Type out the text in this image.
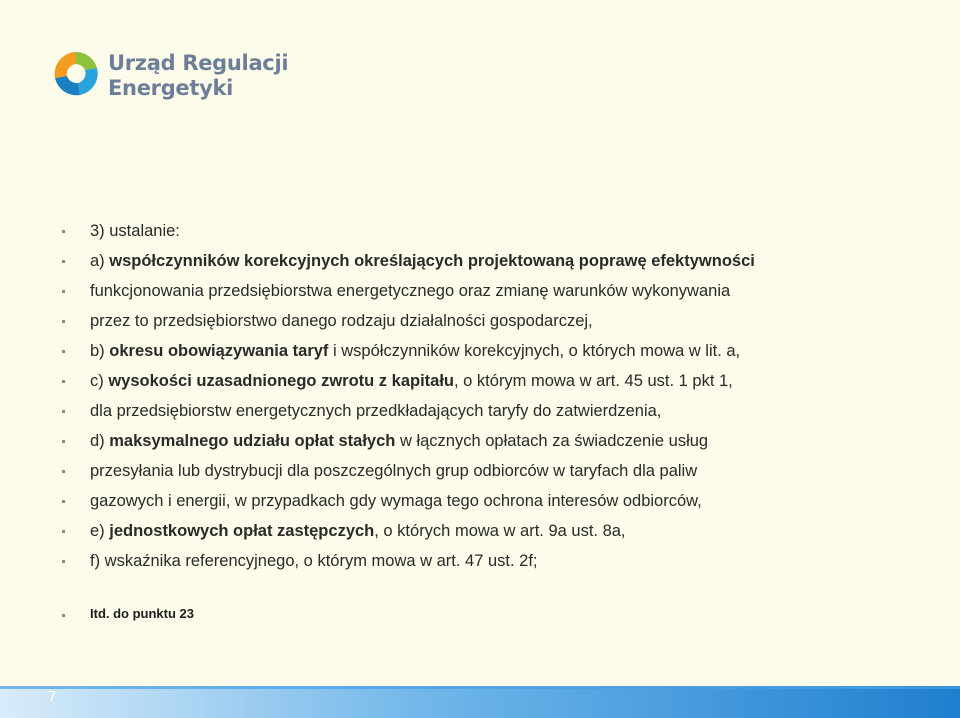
Urząd Regulacji
Energetyki
3) ustalanie:
a) współczynników korekcyjnych określających projektowaną poprawę efektywności
funkcjonowania przedsiębiorstwa energetycznego oraz zmianę warunków wykonywania
przez to przedsiębiorstwo danego rodzaju działalności gospodarczej,
b) okresu obowiązywania taryf i współczynników korekcyjnych, o których mowa w lit. a,
c) wysokości uzasadnionego zwrotu z kapitału, o którym mowa w art. 45 ust. 1 pkt 1,
dla przedsiębiorstw energetycznych przedkładających taryfy do zatwierdzenia,
d) maksymalnego udziału opłat stałych w łącznych opłatach za świadczenie usług
przesyłania lub dystrybucji dla poszczególnych grup odbiorców w taryfach dla paliw
gazowych i energii, w przypadkach gdy wymaga tego ochrona interesów odbiorców,
e) jednostkowych opłat zastępczych, o których mowa w art. 9a ust. 8a,
f) wskaźnika referencyjnego, o którym mowa w art. 47 ust. 2f;
Itd. do punktu 23
7
